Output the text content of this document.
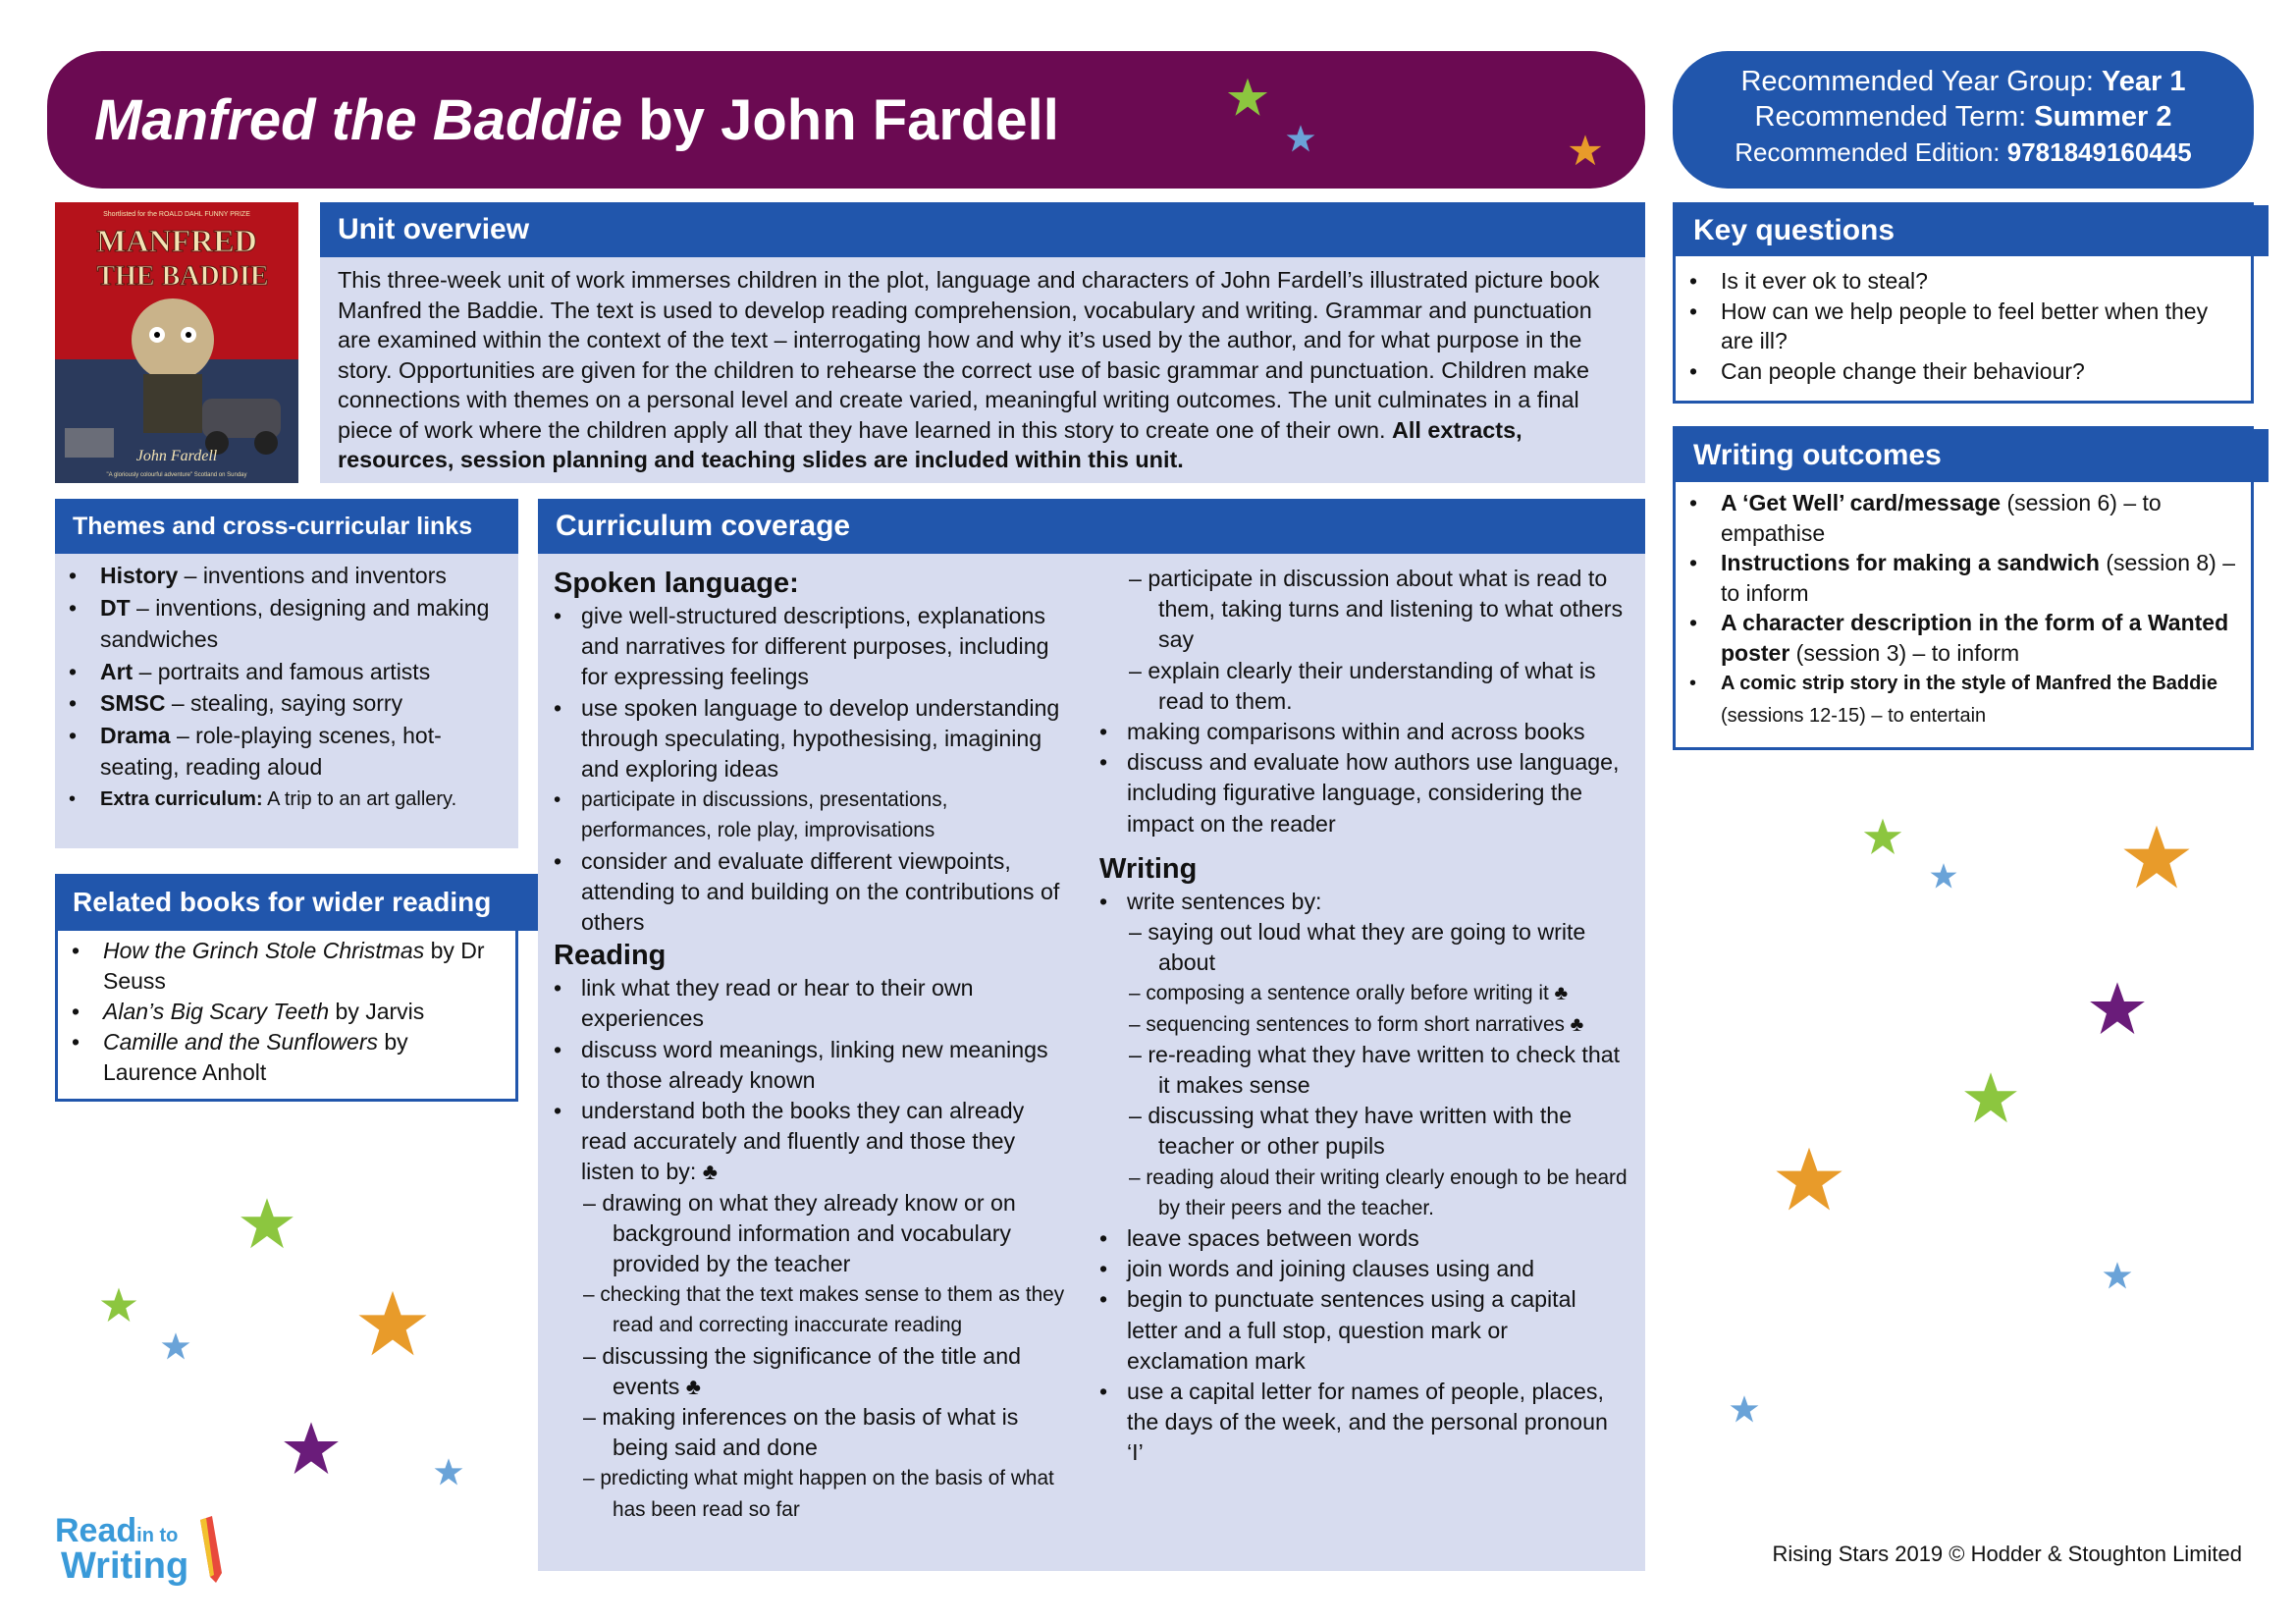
Manfred the Baddie by John Fardell
Recommended Year Group: Year 1
Recommended Term: Summer 2
Recommended Edition: 9781849160445
Shortlisted for the ROALD DAHL FUNNY PRIZE
MANFRED
THE BADDIE
John Fardell
"A gloriously colourful adventure" Scotland on Sunday
Unit overview
This three-week unit of work immerses children in the plot, language and characters of John Fardell’s illustrated picture book Manfred the Baddie. The text is used to develop reading comprehension, vocabulary and writing. Grammar and punctuation are examined within the context of the text – interrogating how and why it’s used by the author, and for what purpose in the story. Opportunities are given for the children to rehearse the correct use of basic grammar and punctuation. Children make connections with themes on a personal level and create varied, meaningful writing outcomes. The unit culminates in a final piece of work where the children apply all that they have learned in this story to create one of their own. All extracts, resources, session planning and teaching slides are included within this unit.
Key questions
• Is it ever ok to steal?
• How can we help people to feel better when they are ill?
• Can people change their behaviour?
Writing outcomes
• A ‘Get Well’ card/message (session 6) – to empathise
• Instructions for making a sandwich (session 8) – to inform
• A character description in the form of a Wanted poster (session 3) – to inform
• A comic strip story in the style of Manfred the Baddie (sessions 12-15) – to entertain
Themes and cross-curricular links
• History – inventions and inventors
• DT – inventions, designing and making sandwiches
• Art – portraits and famous artists
• SMSC – stealing, saying sorry
• Drama – role-playing scenes, hot-seating, reading aloud
• Extra curriculum: A trip to an art gallery.
Related books for wider reading
• How the Grinch Stole Christmas by Dr Seuss
• Alan’s Big Scary Teeth by Jarvis
• Camille and the Sunflowers by Laurence Anholt
Curriculum coverage
Spoken language:
• give well-structured descriptions, explanations and narratives for different purposes, including for expressing feelings
• use spoken language to develop understanding through speculating, hypothesising, imagining and exploring ideas
• participate in discussions, presentations, performances, role play, improvisations
• consider and evaluate different viewpoints, attending to and building on the contributions of others
Reading
• link what they read or hear to their own experiences
• discuss word meanings, linking new meanings to those already known
• understand both the books they can already read accurately and fluently and those they listen to by: ♣
– drawing on what they already know or on background information and vocabulary provided by the teacher
– checking that the text makes sense to them as they read and correcting inaccurate reading
– discussing the significance of the title and events ♣
– making inferences on the basis of what is being said and done
– predicting what might happen on the basis of what has been read so far
– participate in discussion about what is read to them, taking turns and listening to what others say
– explain clearly their understanding of what is read to them.
• making comparisons within and across books
• discuss and evaluate how authors use language, including figurative language, considering the impact on the reader
Writing
• write sentences by:
– saying out loud what they are going to write about
– composing a sentence orally before writing it ♣
– sequencing sentences to form short narratives ♣
– re-reading what they have written to check that it makes sense
– discussing what they have written with the teacher or other pupils
– reading aloud their writing clearly enough to be heard by their peers and the teacher.
• leave spaces between words
• join words and joining clauses using and
• begin to punctuate sentences using a capital letter and a full stop, question mark or exclamation mark
• use a capital letter for names of people, places, the days of the week, and the personal pronoun ‘I’
Readin to
Writing	Rising Stars 2019 © Hodder & Stoughton Limited
